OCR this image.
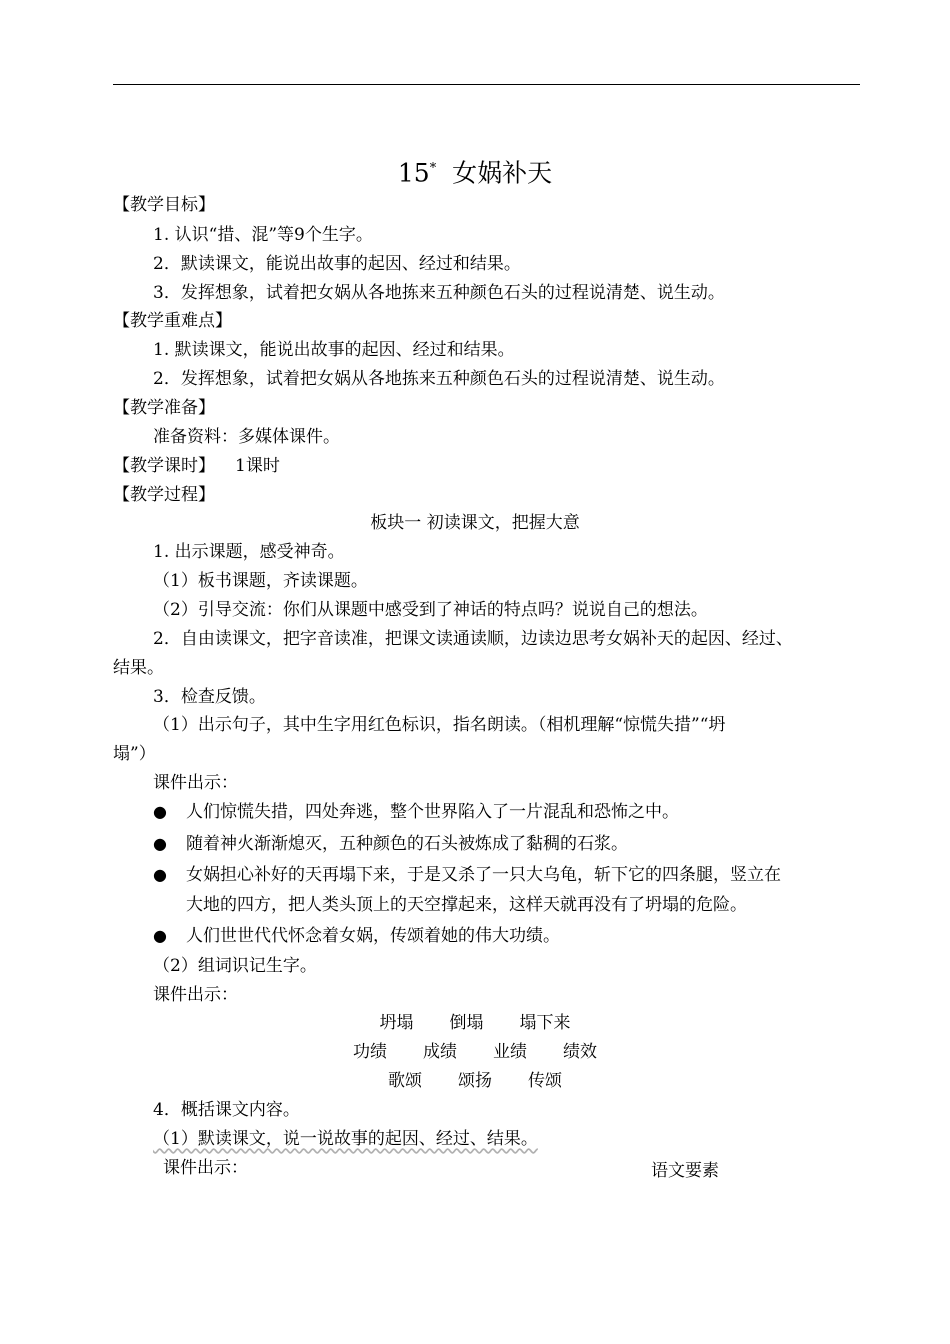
15* 女娲补天
【教学目标】
1. 认识“措、混”等9个生字。
2．默读课文，能说出故事的起因、经过和结果。
3．发挥想象，试着把女娲从各地拣来五种颜色石头的过程说清楚、说生动。
【教学重难点】
1. 默读课文，能说出故事的起因、经过和结果。
2．发挥想象，试着把女娲从各地拣来五种颜色石头的过程说清楚、说生动。
【教学准备】
准备资料：多媒体课件。
【教学课时】 1课时
【教学过程】
板块一 初读课文，把握大意
1. 出示课题，感受神奇。
（1）板书课题，齐读课题。
（2）引导交流：你们从课题中感受到了神话的特点吗？说说自己的想法。
2．自由读课文，把字音读准，把课文读通读顺，边读边思考女娲补天的起因、经过、
结果。
3．检查反馈。
（1）出示句子，其中生字用红色标识，指名朗读。（相机理解“惊慌失措”“坍
塌”）
课件出示：
● 人们惊慌失措，四处奔逃，整个世界陷入了一片混乱和恐怖之中。
● 随着神火渐渐熄灭，五种颜色的石头被炼成了黏稠的石浆。
● 女娲担心补好的天再塌下来，于是又杀了一只大乌龟，斩下它的四条腿，竖立在
大地的四方，把人类头顶上的天空撑起来，这样天就再没有了坍塌的危险。
● 人们世世代代怀念着女娲，传颂着她的伟大功绩。
（2）组词识记生字。
课件出示：
坍塌 倒塌 塌下来
功绩 成绩 业绩 绩效
歌颂 颂扬 传颂
4．概括课文内容。
（1）默读课文，说一说故事的起因、经过、结果。
课件出示：	语文要素
